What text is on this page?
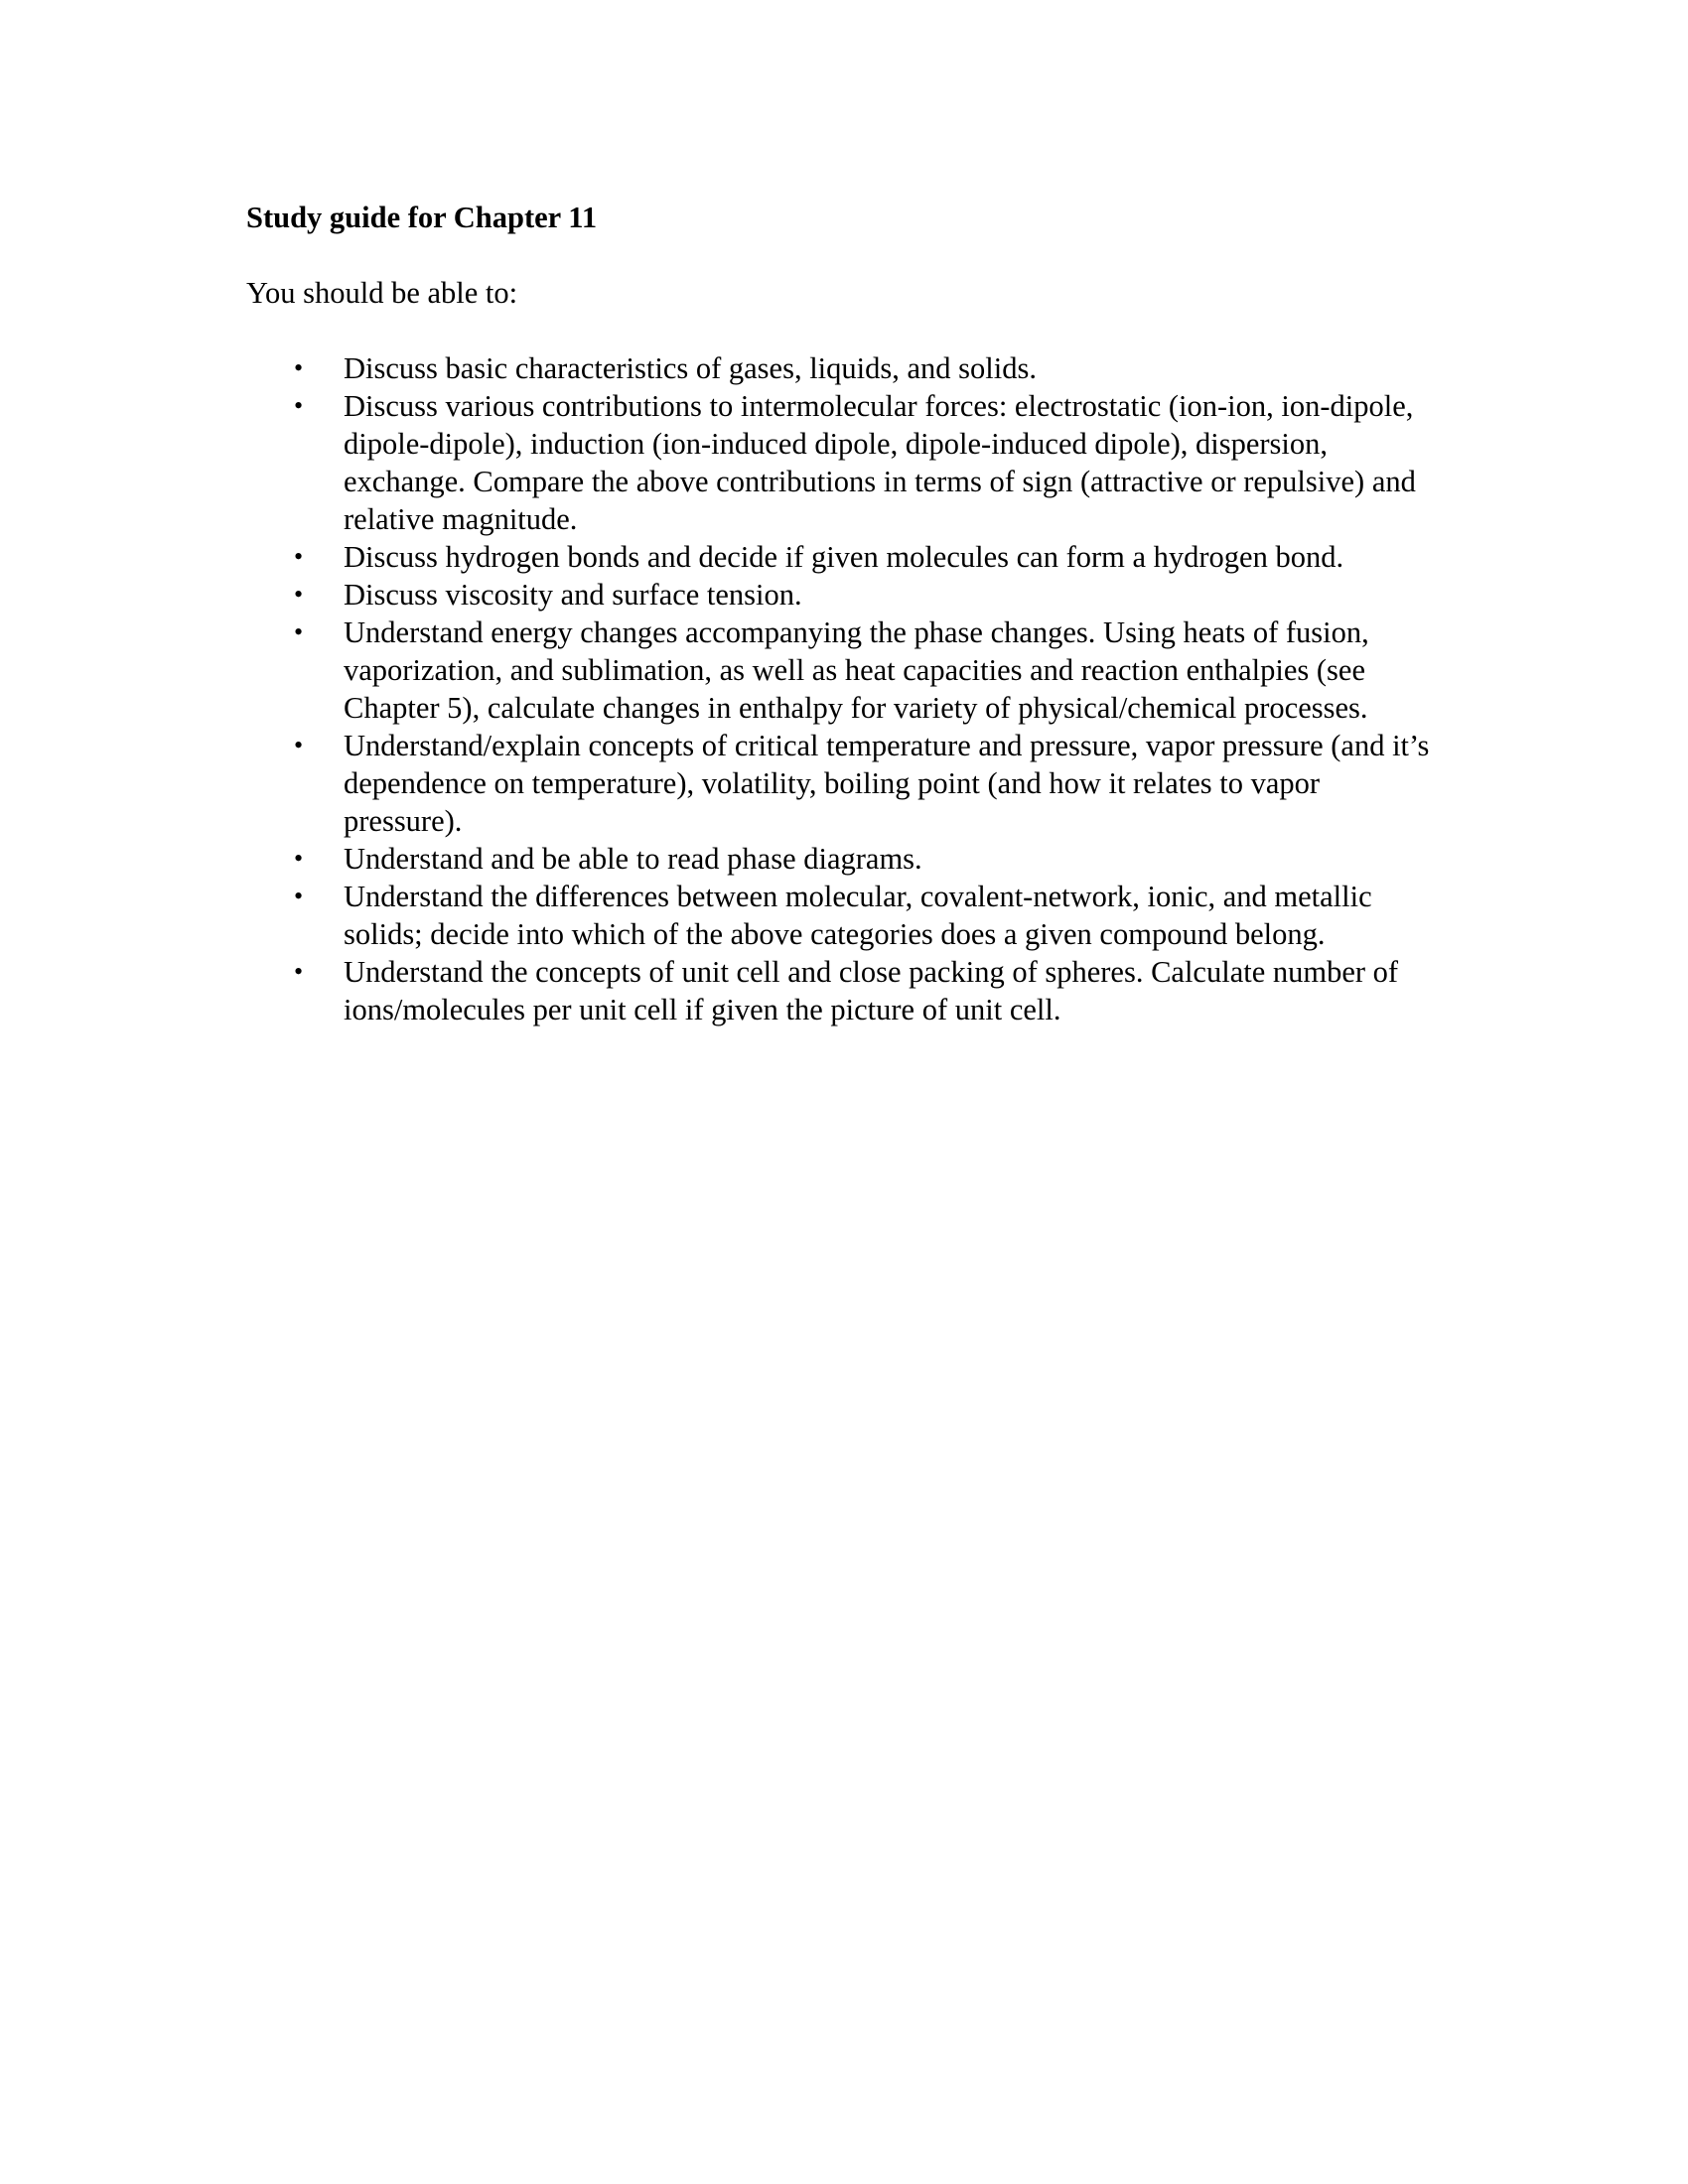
Study guide for Chapter 11

You should be able to:

• Discuss basic characteristics of gases, liquids, and solids.
• Discuss various contributions to intermolecular forces: electrostatic (ion-ion, ion-dipole, dipole-dipole), induction (ion-induced dipole, dipole-induced dipole), dispersion, exchange. Compare the above contributions in terms of sign (attractive or repulsive) and relative magnitude.
• Discuss hydrogen bonds and decide if given molecules can form a hydrogen bond.
• Discuss viscosity and surface tension.
• Understand energy changes accompanying the phase changes. Using heats of fusion, vaporization, and sublimation, as well as heat capacities and reaction enthalpies (see Chapter 5), calculate changes in enthalpy for variety of physical/chemical processes.
• Understand/explain concepts of critical temperature and pressure, vapor pressure (and it’s dependence on temperature), volatility, boiling point (and how it relates to vapor pressure).
• Understand and be able to read phase diagrams.
• Understand the differences between molecular, covalent-network, ionic, and metallic solids; decide into which of the above categories does a given compound belong.
• Understand the concepts of unit cell and close packing of spheres. Calculate number of ions/molecules per unit cell if given the picture of unit cell.
